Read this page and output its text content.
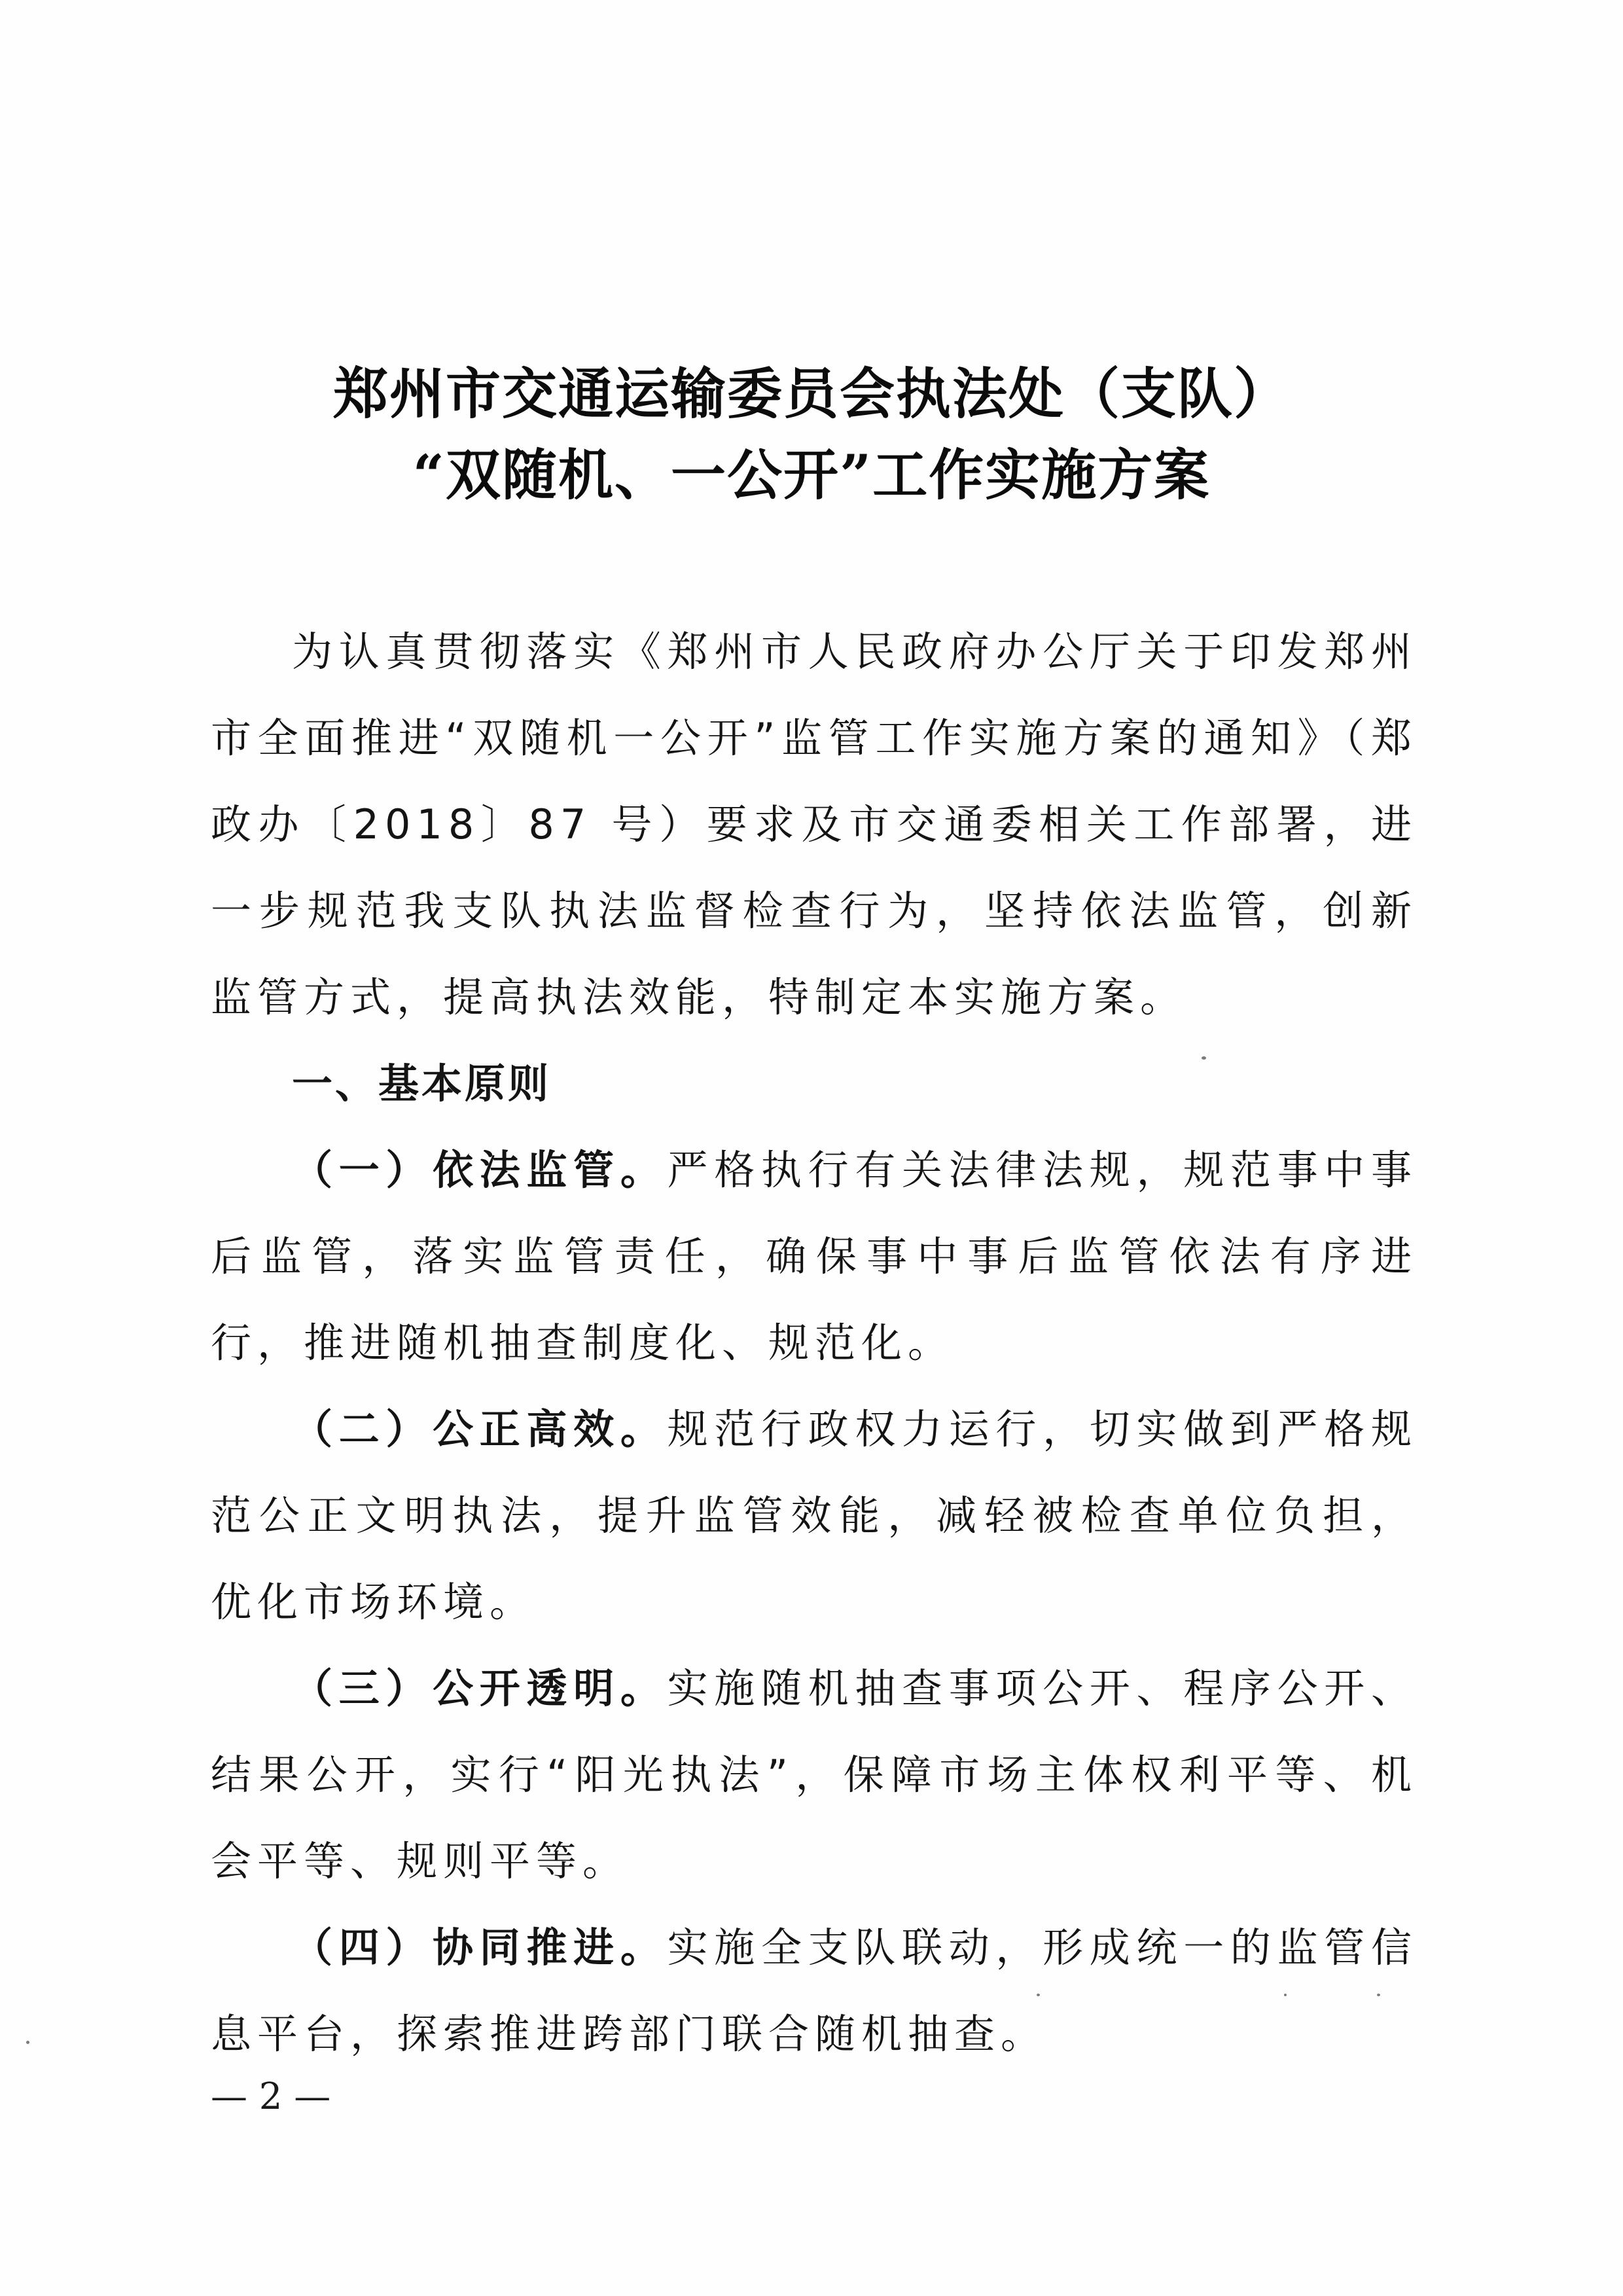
郑州市交通运输委员会执法处（支队）
“双随机、一公开”工作实施方案

为认真贯彻落实《郑州市人民政府办公厅关于印发郑州市全面推进“双随机一公开”监管工作实施方案的通知》（郑政办〔2018〕87 号）要求及市交通委相关工作部署，进一步规范我支队执法监督检查行为，坚持依法监管，创新监管方式，提高执法效能，特制定本实施方案。

一、基本原则

（一）依法监管。严格执行有关法律法规，规范事中事后监管，落实监管责任，确保事中事后监管依法有序进行，推进随机抽查制度化、规范化。

（二）公正高效。规范行政权力运行，切实做到严格规范公正文明执法，提升监管效能，减轻被检查单位负担，优化市场环境。

（三）公开透明。实施随机抽查事项公开、程序公开、结果公开，实行“阳光执法”，保障市场主体权利平等、机会平等、规则平等。

（四）协同推进。实施全支队联动，形成统一的监管信息平台，探索推进跨部门联合随机抽查。

— 2 —
